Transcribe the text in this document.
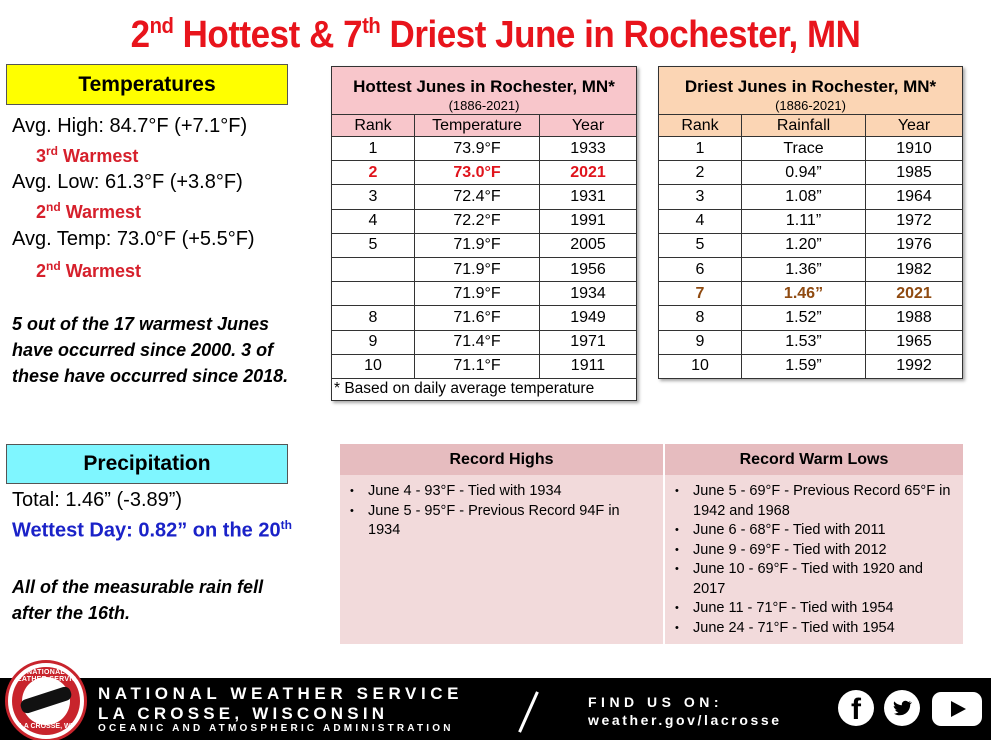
2nd Hottest & 7th Driest June in Rochester, MN
Temperatures
Avg. High: 84.7°F (+7.1°F)
3rd Warmest
Avg. Low: 61.3°F (+3.8°F)
2nd Warmest
Avg. Temp: 73.0°F (+5.5°F)
2nd Warmest
5 out of the 17 warmest Junes
have occurred since 2000. 3 of
these have occurred since 2018.
Hottest Junes in Rochester, MN*		
(1886-2021)		
Rank	Temperature	Year
1	73.9°F	1933
2	73.0°F	2021
3	72.4°F	1931
4	72.2°F	1991
5	71.9°F	2005
	71.9°F	1956
	71.9°F	1934
8	71.6°F	1949
9	71.4°F	1971
10	71.1°F	1911
* Based on daily average temperature		
Driest Junes in Rochester, MN*		
(1886-2021)		
Rank	Rainfall	Year
1	Trace	1910
2	0.94”	1985
3	1.08”	1964
4	1.11”	1972
5	1.20”	1976
6	1.36”	1982
7	1.46”	2021
8	1.52”	1988
9	1.53”	1965
10	1.59”	1992
Precipitation
Total: 1.46” (-3.89”)
Wettest Day: 0.82” on the 20th
All of the measurable rain fell
after the 16th.
Record Highs
• June 4 - 93°F - Tied with 1934
• June 5 - 95°F - Previous Record 94F in 1934
Record Warm Lows
• June 5 - 69°F - Previous Record 65°F in 1942 and 1968
• June 6 - 68°F - Tied with 2011
• June 9 - 69°F - Tied with 2012
• June 10 - 69°F - Tied with 1920 and 2017
• June 11 - 71°F - Tied with 1954
• June 24 - 71°F - Tied with 1954
NATIONAL WEATHER SERVICE
LA CROSSE, WI
NATIONAL WEATHER SERVICE
LA CROSSE, WISCONSIN
OCEANIC AND ATMOSPHERIC ADMINISTRATION
FIND US ON:
weather.gov/lacrosse	f
